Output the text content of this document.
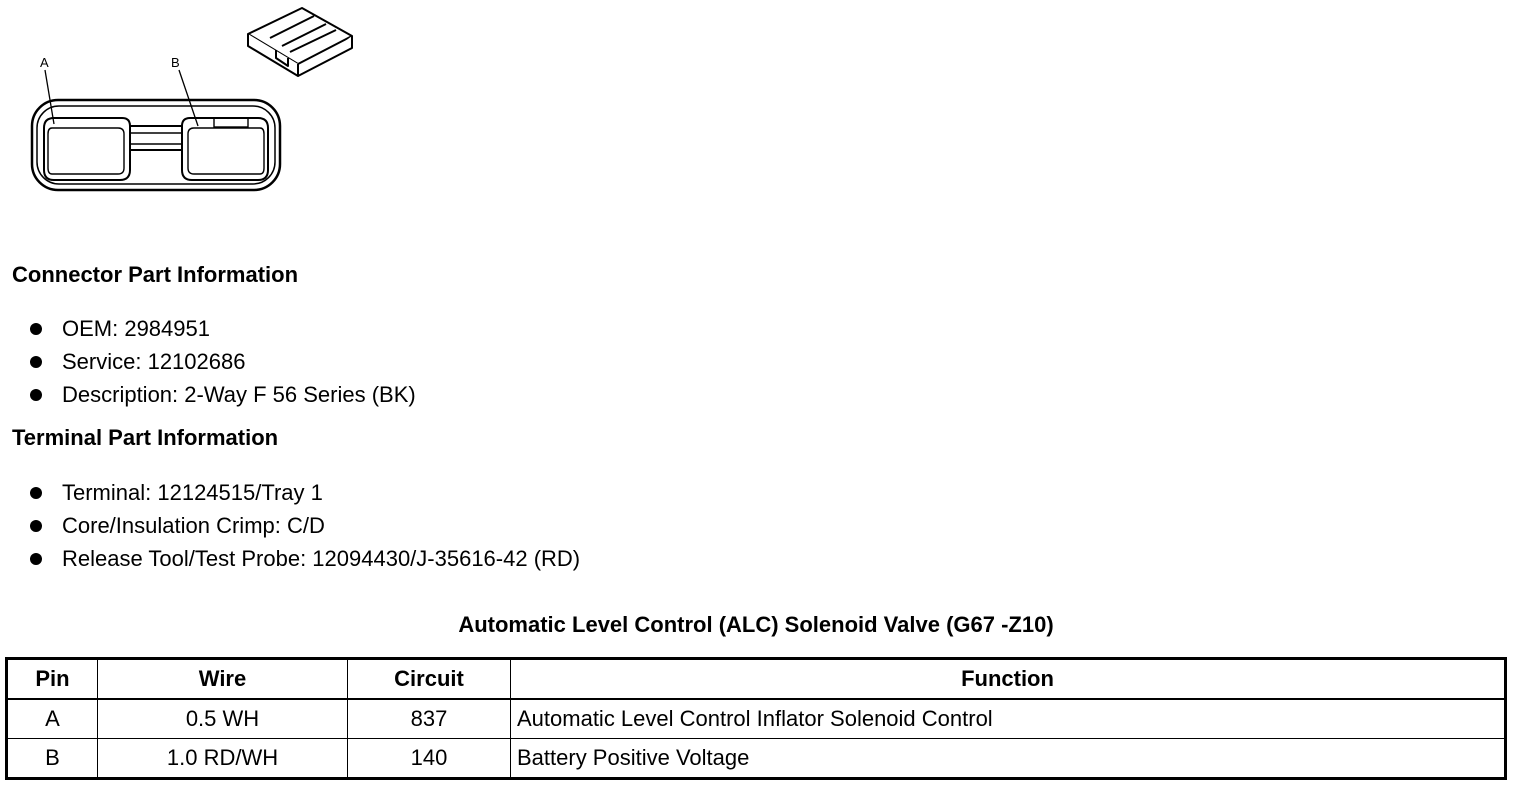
A	B
Connector Part Information
OEM: 2984951
Service: 12102686
Description: 2-Way F 56 Series (BK)
Terminal Part Information
Terminal: 12124515/Tray 1
Core/Insulation Crimp: C/D
Release Tool/Test Probe: 12094430/J-35616-42 (RD)
Automatic Level Control (ALC) Solenoid Valve (G67 -Z10)
Pin	Wire	Circuit	Function
A	0.5 WH	837	Automatic Level Control Inflator Solenoid Control
B	1.0 RD/WH	140	Battery Positive Voltage
